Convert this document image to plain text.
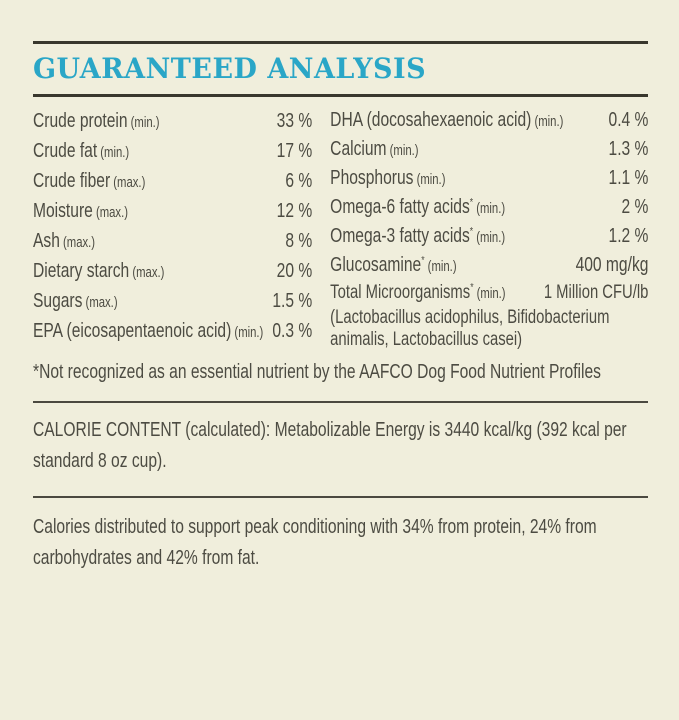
GUARANTEED ANALYSIS
Crude protein (min.)	33 %
Crude fat (min.)	17 %
Crude fiber (max.)	6 %
Moisture (max.)	12 %
Ash (max.)	8 %
Dietary starch (max.)	20 %
Sugars (max.)	1.5 %
EPA (eicosapentaenoic acid) (min.) 0.3 %
DHA (docosahexaenoic acid) (min.) 0.4 %
Calcium (min.)	1.3 %
Phosphorus (min.)	1.1 %
Omega-6 fatty acids* (min.)	2 %
Omega-3 fatty acids* (min.)	1.2 %
Glucosamine* (min.)	400 mg/kg
Total Microorganisms* (min.) 1 Million CFU/lb
(Lactobacillus acidophilus, Bifidobacterium
animalis, Lactobacillus casei)
*Not recognized as an essential nutrient by the AAFCO Dog Food Nutrient Profiles
CALORIE CONTENT (calculated): Metabolizable Energy is 3440 kcal/kg (392 kcal per
standard 8 oz cup).
Calories distributed to support peak conditioning with 34% from protein, 24% from
carbohydrates and 42% from fat.
